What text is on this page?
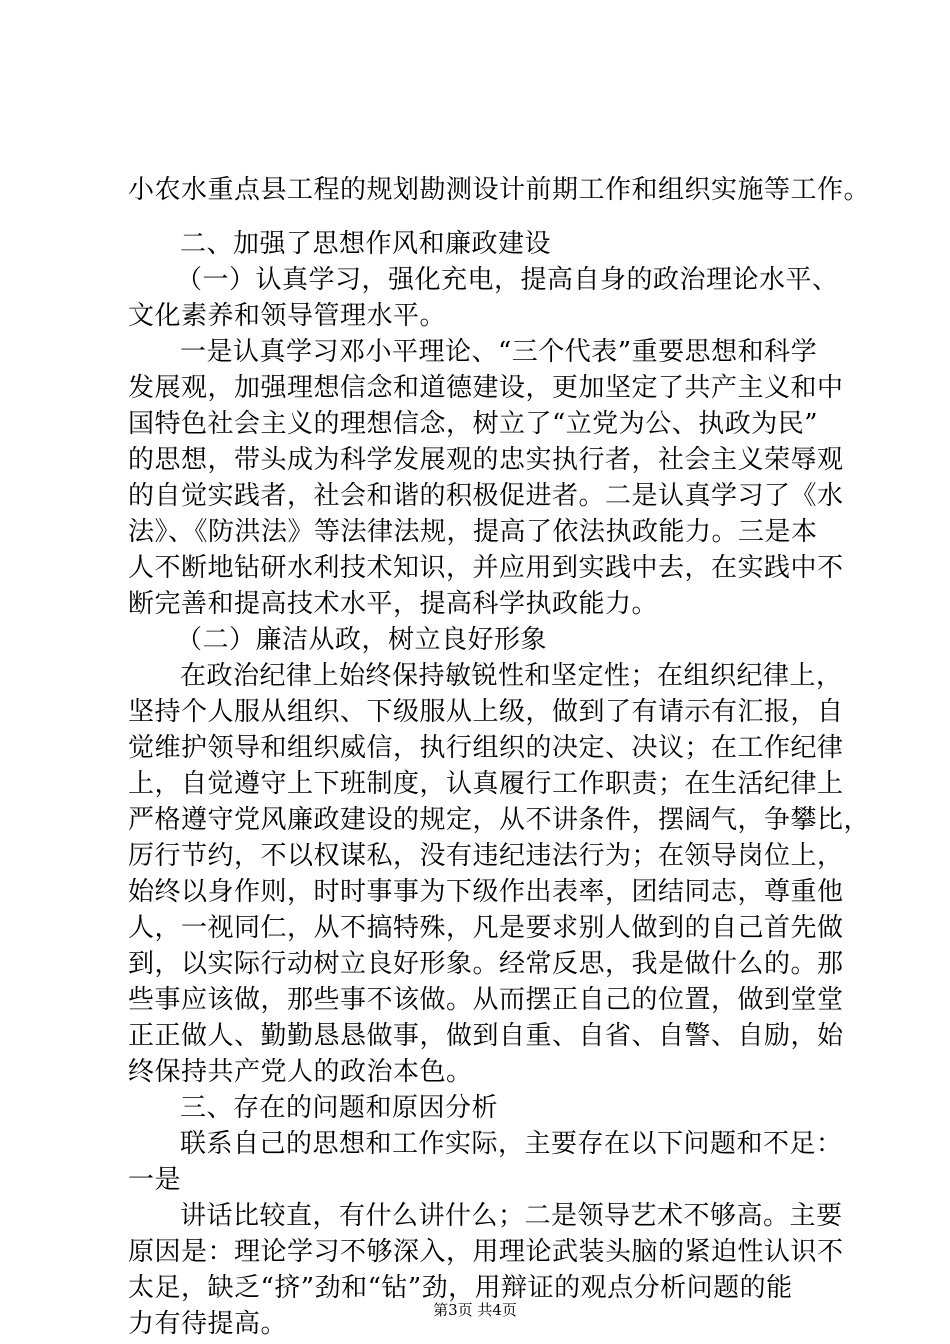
小农水重点县工程的规划勘测设计前期工作和组织实施等工作。
二、加强了思想作风和廉政建设
（一）认真学习，强化充电，提高自身的政治理论水平、
文化素养和领导管理水平。
一是认真学习邓小平理论、“三个代表”重要思想和科学
发展观，加强理想信念和道德建设，更加坚定了共产主义和中
国特色社会主义的理想信念，树立了“立党为公、执政为民”
的思想，带头成为科学发展观的忠实执行者，社会主义荣辱观
的自觉实践者，社会和谐的积极促进者。二是认真学习了《水
法》、《防洪法》等法律法规，提高了依法执政能力。三是本
人不断地钻研水利技术知识，并应用到实践中去，在实践中不
断完善和提高技术水平，提高科学执政能力。
（二）廉洁从政，树立良好形象
在政治纪律上始终保持敏锐性和坚定性；在组织纪律上，
坚持个人服从组织、下级服从上级，做到了有请示有汇报，自
觉维护领导和组织威信，执行组织的决定、决议；在工作纪律
上，自觉遵守上下班制度，认真履行工作职责；在生活纪律上
严格遵守党风廉政建设的规定，从不讲条件，摆阔气，争攀比，
厉行节约，不以权谋私，没有违纪违法行为；在领导岗位上，
始终以身作则，时时事事为下级作出表率，团结同志，尊重他
人，一视同仁，从不搞特殊，凡是要求别人做到的自己首先做
到，以实际行动树立良好形象。经常反思，我是做什么的。那
些事应该做，那些事不该做。从而摆正自己的位置，做到堂堂
正正做人、勤勤恳恳做事，做到自重、自省、自警、自励，始
终保持共产党人的政治本色。
三、存在的问题和原因分析
联系自己的思想和工作实际，主要存在以下问题和不足：
一是
讲话比较直，有什么讲什么；二是领导艺术不够高。主要
原因是：理论学习不够深入，用理论武装头脑的紧迫性认识不
太足，缺乏“挤”劲和“钻”劲，用辩证的观点分析问题的能
力有待提高。	第3页 共4页
